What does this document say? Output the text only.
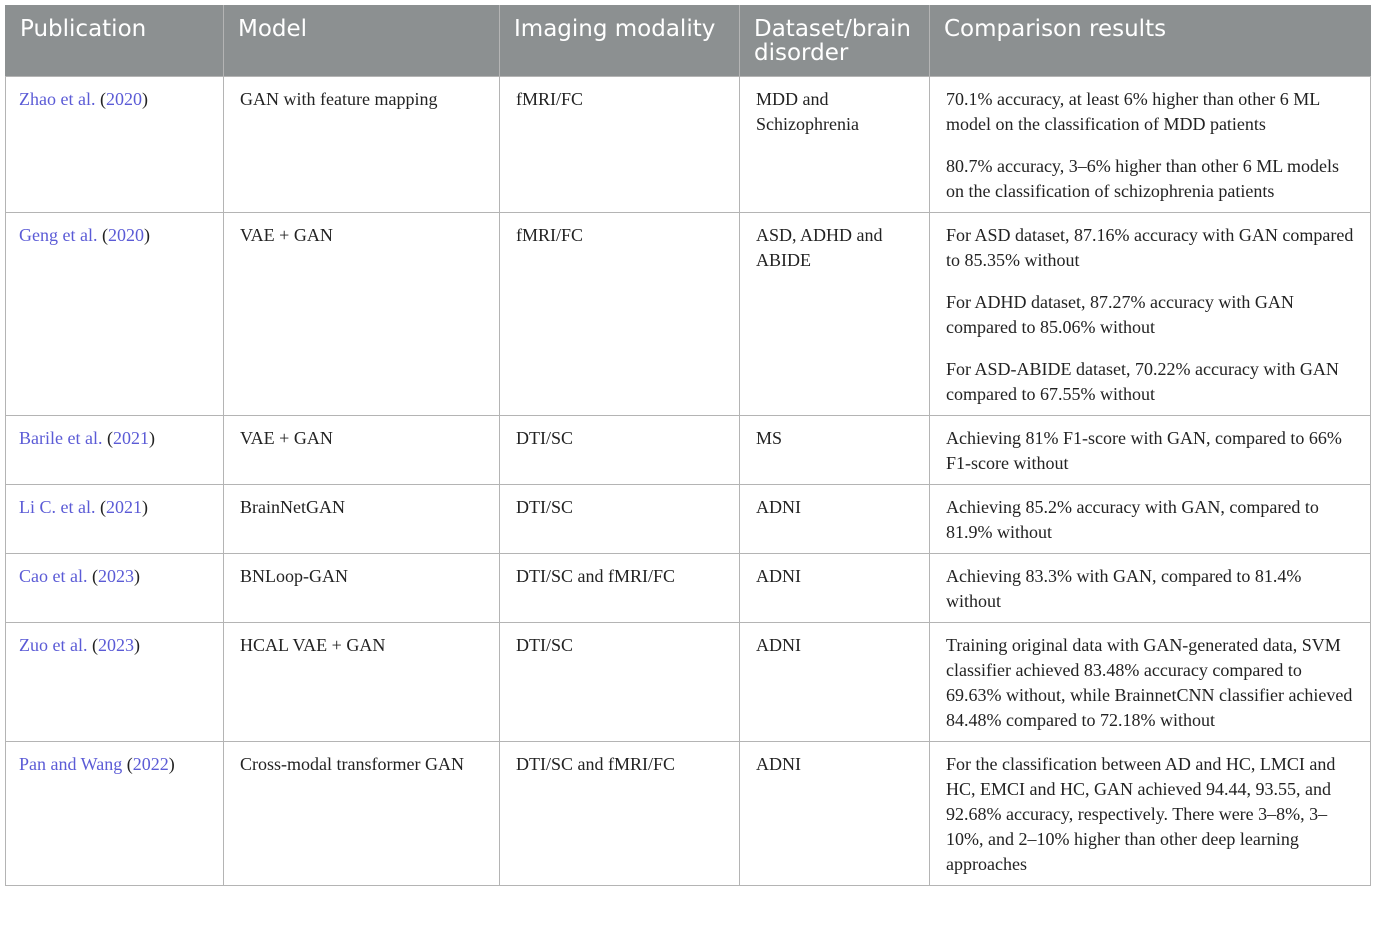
Publication	Model	Imaging modality	Dataset/brain disorder	Comparison results
Zhao et al. (2020)	GAN with feature mapping	fMRI/FC	MDD and Schizophrenia	70.1% accuracy, at least 6% higher than other 6 ML model on the classification of MDD patients

80.7% accuracy, 3–6% higher than other 6 ML models on the classification of schizophrenia patients

Geng et al. (2020)	VAE + GAN	fMRI/FC	ASD, ADHD and ABIDE	For ASD dataset, 87.16% accuracy with GAN compared to 85.35% without

For ADHD dataset, 87.27% accuracy with GAN compared to 85.06% without

For ASD-ABIDE dataset, 70.22% accuracy with GAN compared to 67.55% without

Barile et al. (2021)	VAE + GAN	DTI/SC	MS	Achieving 81% F1-score with GAN, compared to 66% F1-score without

Li C. et al. (2021)	BrainNetGAN	DTI/SC	ADNI	Achieving 85.2% accuracy with GAN, compared to 81.9% without

Cao et al. (2023)	BNLoop-GAN	DTI/SC and fMRI/FC	ADNI	Achieving 83.3% with GAN, compared to 81.4% without

Zuo et al. (2023)	HCAL VAE + GAN	DTI/SC	ADNI	Training original data with GAN-generated data, SVM classifier achieved 83.48% accuracy compared to 69.63% without, while BrainnetCNN classifier achieved 84.48% compared to 72.18% without

Pan and Wang (2022)	Cross-modal transformer GAN	DTI/SC and fMRI/FC	ADNI	For the classification between AD and HC, LMCI and HC, EMCI and HC, GAN achieved 94.44, 93.55, and 92.68% accuracy, respectively. There were 3–8%, 3–10%, and 2–10% higher than other deep learning approaches
